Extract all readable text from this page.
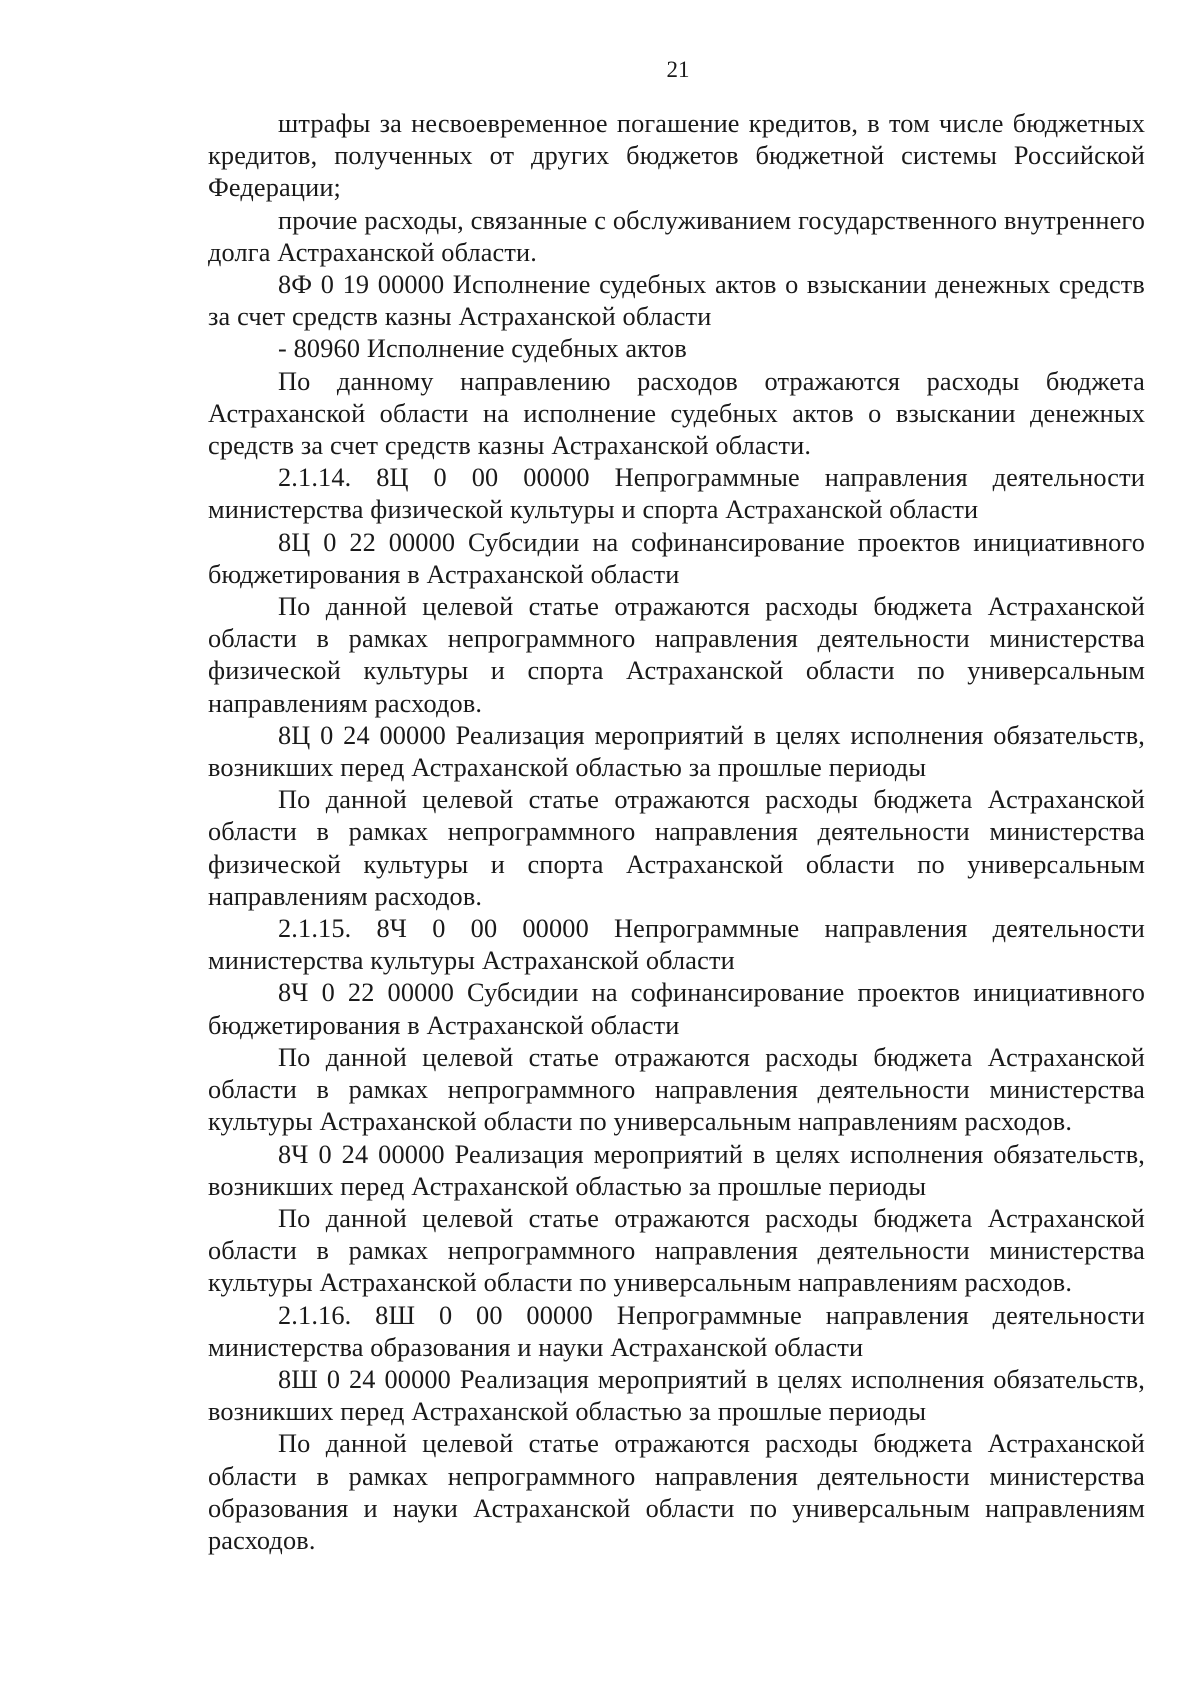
21

штрафы за несвоевременное погашение кредитов, в том числе бюджетных кредитов, полученных от других бюджетов бюджетной системы Российской Федерации;

прочие расходы, связанные с обслуживанием государственного внутреннего долга Астраханской области.

8Ф 0 19 00000 Исполнение судебных актов о взыскании денежных средств за счет средств казны Астраханской области

- 80960 Исполнение судебных актов

По данному направлению расходов отражаются расходы бюджета Астраханской области на исполнение судебных актов о взыскании денежных средств за счет средств казны Астраханской области.

2.1.14. 8Ц 0 00 00000 Непрограммные направления деятельности министерства физической культуры и спорта Астраханской области

8Ц 0 22 00000 Субсидии на софинансирование проектов инициативного бюджетирования в Астраханской области

По данной целевой статье отражаются расходы бюджета Астраханской области в рамках непрограммного направления деятельности министерства физической культуры и спорта Астраханской области по универсальным направлениям расходов.

8Ц 0 24 00000 Реализация мероприятий в целях исполнения обязательств, возникших перед Астраханской областью за прошлые периоды

По данной целевой статье отражаются расходы бюджета Астраханской области в рамках непрограммного направления деятельности министерства физической культуры и спорта Астраханской области по универсальным направлениям расходов.

2.1.15. 8Ч 0 00 00000 Непрограммные направления деятельности министерства культуры Астраханской области

8Ч 0 22 00000 Субсидии на софинансирование проектов инициативного бюджетирования в Астраханской области

По данной целевой статье отражаются расходы бюджета Астраханской области в рамках непрограммного направления деятельности министерства культуры Астраханской области по универсальным направлениям расходов.

8Ч 0 24 00000 Реализация мероприятий в целях исполнения обязательств, возникших перед Астраханской областью за прошлые периоды

По данной целевой статье отражаются расходы бюджета Астраханской области в рамках непрограммного направления деятельности министерства культуры Астраханской области по универсальным направлениям расходов.

2.1.16. 8Ш 0 00 00000 Непрограммные направления деятельности министерства образования и науки Астраханской области

8Ш 0 24 00000 Реализация мероприятий в целях исполнения обязательств, возникших перед Астраханской областью за прошлые периоды

По данной целевой статье отражаются расходы бюджета Астраханской области в рамках непрограммного направления деятельности министерства образования и науки Астраханской области по универсальным направлениям расходов.
